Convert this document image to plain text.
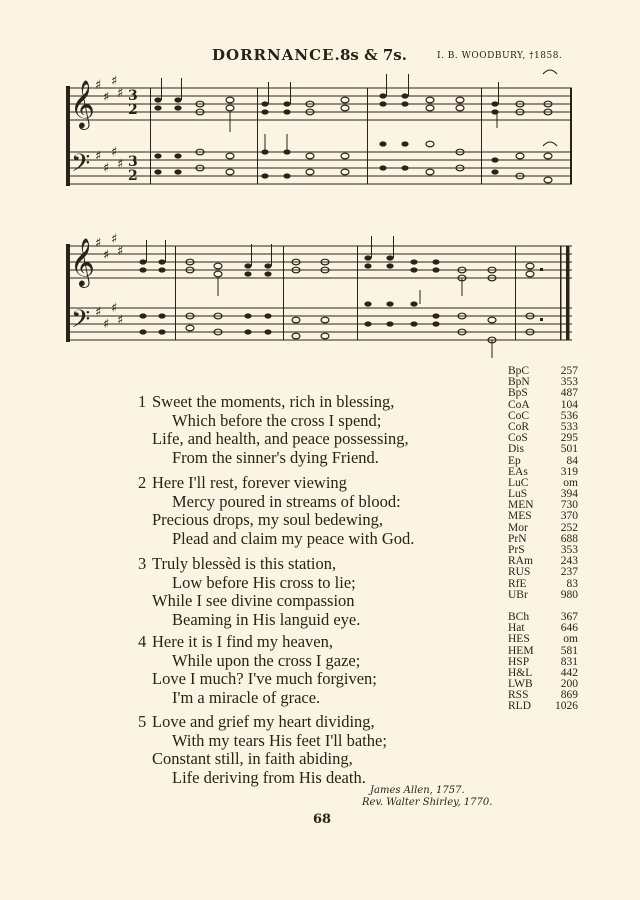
DORRNANCE. 8s & 7s.	I. B. WOODBURY, †1858.
𝄞
𝄢
𝄞
𝄢
♯
♯
♯
♯
♯
♯
♯
♯
♯
♯
♯
♯
♯
♯
♯
♯
3
2
3
2
1 Sweet the moments, rich in blessing,
Which before the cross I spend;
Life, and health, and peace possessing,
From the sinner's dying Friend.
2 Here I'll rest, forever viewing
Mercy poured in streams of blood:
Precious drops, my soul bedewing,
Plead and claim my peace with God.
3 Truly blessèd is this station,
Low before His cross to lie;
While I see divine compassion
Beaming in His languid eye.
4 Here it is I find my heaven,
While upon the cross I gaze;
Love I much? I've much forgiven;
I'm a miracle of grace.
5 Love and grief my heart dividing,
With my tears His feet I'll bathe;
Constant still, in faith abiding,
Life deriving from His death.
BpC	257
BpN	353
BpS	487
CoA	104
CoC	536
CoR	533
CoS	295
Dis	501
Ep	84
EAs	319
LuC	om
LuS	394
MEN 730
MES	370
Mor	252
PrN	688
PrS	353
RAm 243
RUS	237
RfE	83
UBr	980
BCh	367
Hat	646
HES	om
HEM 581
HSP	831
H&L 442
LWB 200
RSS	869
RLD 1026
James Allen, 1757.
Rev. Walter Shirley, 1770.
68
